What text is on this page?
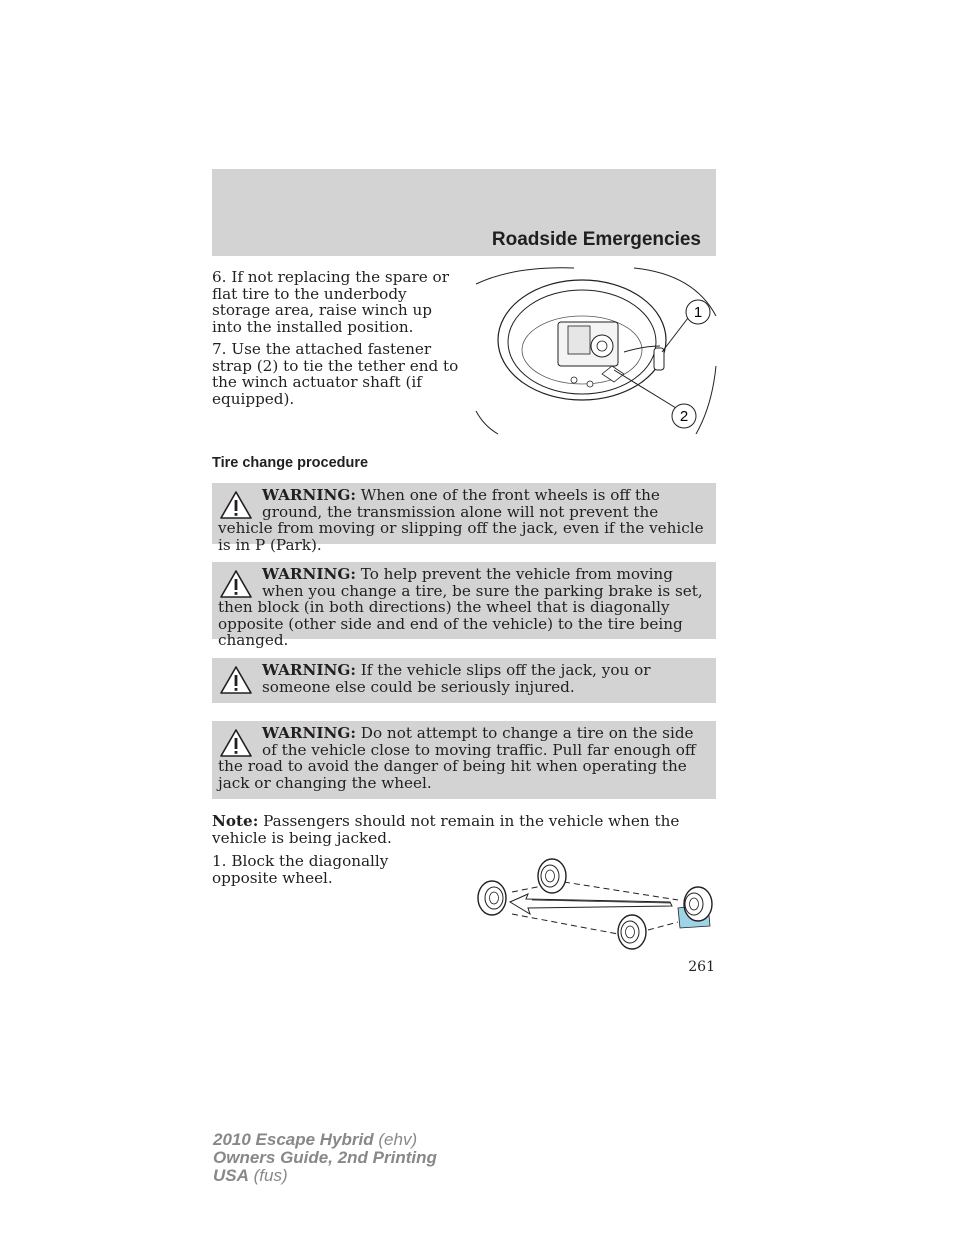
Roadside Emergencies

6. If not replacing the spare or flat tire to the underbody storage area, raise winch up into the installed position.

7. Use the attached fastener strap (2) to tie the tether end to the winch actuator shaft (if equipped).

1
2
Tire change procedure
WARNING: When one of the front wheels is off the ground, the transmission alone will not prevent the vehicle from moving or slipping off the jack, even if the vehicle is in P (Park).
WARNING: To help prevent the vehicle from moving when you change a tire, be sure the parking brake is set, then block (in both directions) the wheel that is diagonally opposite (other side and end of the vehicle) to the tire being changed.
WARNING: If the vehicle slips off the jack, you or someone else could be seriously injured.
WARNING: Do not attempt to change a tire on the side of the vehicle close to moving traffic. Pull far enough off the road to avoid the danger of being hit when operating the jack or changing the wheel.

Note: Passengers should not remain in the vehicle when the vehicle is being jacked.

1. Block the diagonally opposite wheel.

261

2010 Escape Hybrid (ehv)
Owners Guide, 2nd Printing
USA (fus)
